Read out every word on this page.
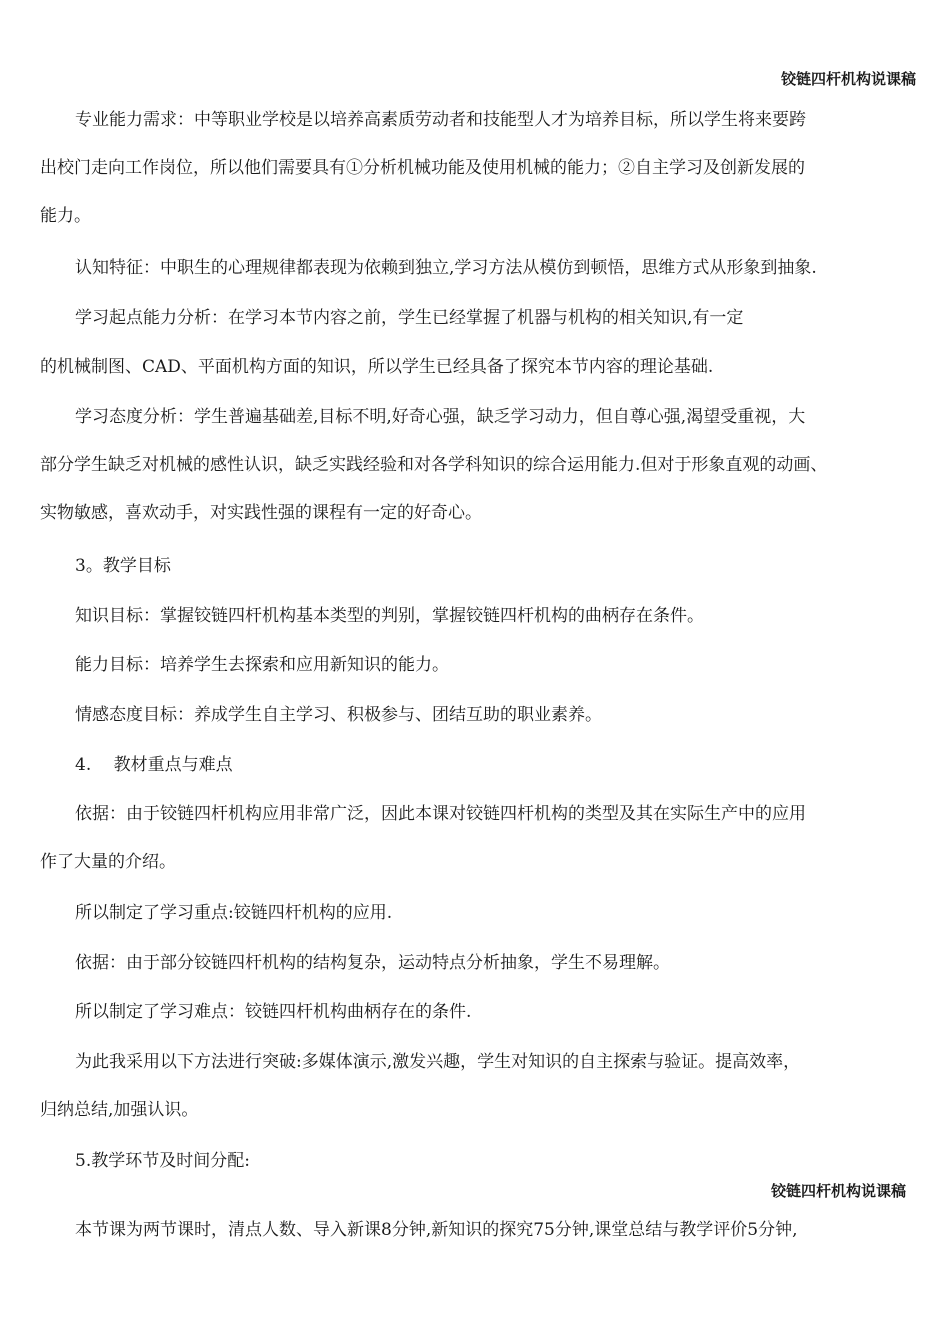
铰链四杆机构说课稿
专业能力需求：中等职业学校是以培养高素质劳动者和技能型人才为培养目标，所以学生将来要跨
出校门走向工作岗位，所以他们需要具有①分析机械功能及使用机械的能力；②自主学习及创新发展的
能力。
认知特征：中职生的心理规律都表现为依赖到独立,学习方法从模仿到顿悟，思维方式从形象到抽象.
学习起点能力分析：在学习本节内容之前，学生已经掌握了机器与机构的相关知识,有一定
的机械制图、CAD、平面机构方面的知识，所以学生已经具备了探究本节内容的理论基础.
学习态度分析：学生普遍基础差,目标不明,好奇心强，缺乏学习动力，但自尊心强,渴望受重视，大
部分学生缺乏对机械的感性认识，缺乏实践经验和对各学科知识的综合运用能力.但对于形象直观的动画、
实物敏感，喜欢动手，对实践性强的课程有一定的好奇心。
3。教学目标
知识目标：掌握铰链四杆机构基本类型的判别，掌握铰链四杆机构的曲柄存在条件。
能力目标：培养学生去探索和应用新知识的能力。
情感态度目标：养成学生自主学习、积极参与、团结互助的职业素养。
4.　 教材重点与难点
依据：由于铰链四杆机构应用非常广泛，因此本课对铰链四杆机构的类型及其在实际生产中的应用
作了大量的介绍。
所以制定了学习重点:铰链四杆机构的应用.
依据：由于部分铰链四杆机构的结构复杂，运动特点分析抽象，学生不易理解。
所以制定了学习难点：铰链四杆机构曲柄存在的条件.
为此我采用以下方法进行突破:多媒体演示,激发兴趣，学生对知识的自主探索与验证。提高效率，
归纳总结,加强认识。
5.教学环节及时间分配:
铰链四杆机构说课稿
本节课为两节课时，清点人数、导入新课8分钟,新知识的探究75分钟,课堂总结与教学评价5分钟,
